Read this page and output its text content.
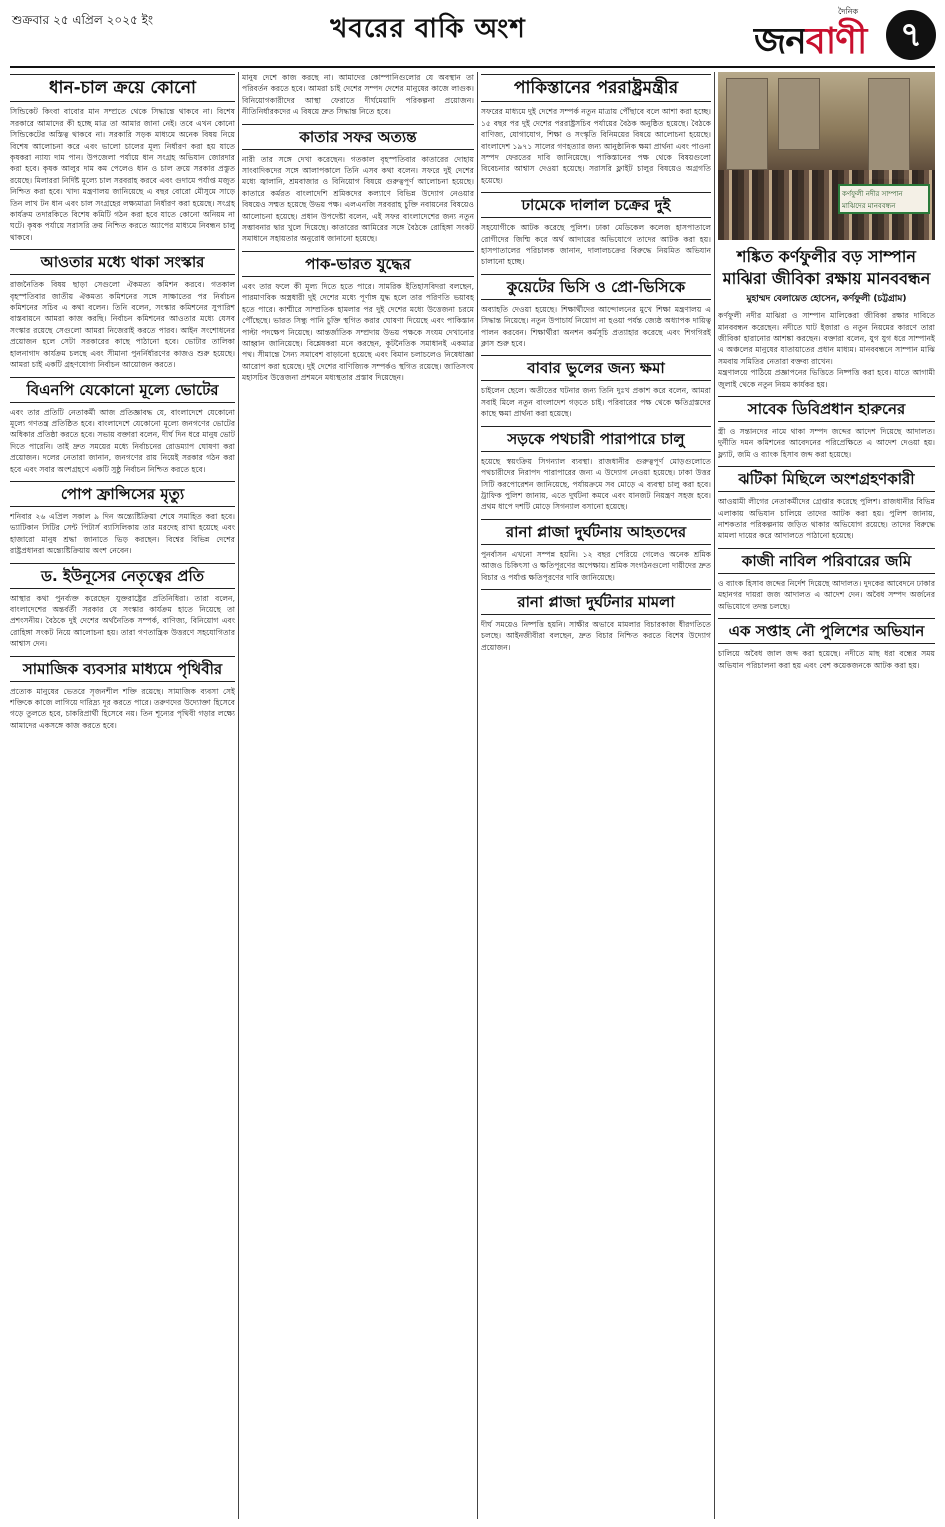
শুক্রবার ২৫ এপ্রিল ২০২৫ ইং	খবরের বাকি অংশ
দৈনিক
জনবাণী ৭
ধান-চাল ক্রয়ে কোনো
সিন্ডিকেট কিংবা বাবোর মান সম্প্রতে থেকে সিদ্ধান্তে থাকবে না। বিশেষ সরকারে আমাদের কী হচ্ছে মাত্র তা আমার জানা নেই। তবে এখন কোনো সিন্ডিকেটের অস্তিত্ব থাকবে না। সরকারি সড়ক মাধ্যমে অনেক বিষয় নিয়ে বিশেষ আলোচনা করে এবং ভালো চালের মূল্য নির্ধারণ করা হয় যাতে কৃষকরা ন্যায্য দাম পান। উপজেলা পর্যায়ে ধান সংগ্রহ অভিযান জোরদার করা হবে। কৃষক আলুর দাম কম পেলেও ধান ও চাল ক্রয়ে সরকার প্রস্তুত রয়েছে। মিলাররা নির্দিষ্ট মূল্যে চাল সরবরাহ করবে এবং গুদামে পর্যাপ্ত মজুত নিশ্চিত করা হবে। খাদ্য মন্ত্রণালয় জানিয়েছে এ বছর বোরো মৌসুমে সাড়ে তিন লাখ টন ধান এবং চাল সংগ্রহের লক্ষ্যমাত্রা নির্ধারণ করা হয়েছে। সংগ্রহ কার্যক্রম তদারকিতে বিশেষ কমিটি গঠন করা হবে যাতে কোনো অনিয়ম না ঘটে। কৃষক পর্যায়ে সরাসরি ক্রয় নিশ্চিত করতে অ্যাপের মাধ্যমে নিবন্ধন চালু থাকবে।
আওতার মধ্যে থাকা সংস্কার
রাজনৈতিক বিষয় ছাড়া সেগুলো ঐকমত্য কমিশন করবে। গতকাল বৃহস্পতিবার জাতীয় ঐকমত্য কমিশনের সঙ্গে সাক্ষাতের পর নির্বাচন কমিশনের সচিব এ কথা বলেন। তিনি বলেন, সংস্কার কমিশনের সুপারিশ বাস্তবায়নে আমরা কাজ করছি। নির্বাচন কমিশনের আওতার মধ্যে যেসব সংস্কার রয়েছে সেগুলো আমরা নিজেরাই করতে পারব। আইন সংশোধনের প্রয়োজন হলে সেটা সরকারের কাছে পাঠানো হবে। ভোটার তালিকা হালনাগাদ কার্যক্রম চলছে এবং সীমানা পুনর্নির্ধারণের কাজও শুরু হয়েছে। আমরা চাই একটি গ্রহণযোগ্য নির্বাচন আয়োজন করতে।
বিএনপি যেকোনো মূল্যে ভোটের
এবং তার প্রতিটি নেতাকর্মী আজ প্রতিজ্ঞাবদ্ধ যে, বাংলাদেশে যেকোনো মূল্যে গণতন্ত্র প্রতিষ্ঠিত হবে। বাংলাদেশে যেকোনো মূল্যে জনগণের ভোটের অধিকার প্রতিষ্ঠা করতে হবে। সভায় বক্তারা বলেন, দীর্ঘ দিন ধরে মানুষ ভোট দিতে পারেনি। তাই দ্রুত সময়ের মধ্যে নির্বাচনের রোডম্যাপ ঘোষণা করা প্রয়োজন। দলের নেতারা জানান, জনগণের রায় নিয়েই সরকার গঠন করা হবে এবং সবার অংশগ্রহণে একটি সুষ্ঠু নির্বাচন নিশ্চিত করতে হবে।
পোপ ফ্রান্সিসের মৃত্যু
শনিবার ২৬ এপ্রিল সকাল ৯ দিন অন্ত্যেষ্টিক্রিয়া শেষে সমাহিত করা হবে। ভ্যাটিকান সিটির সেন্ট পিটার্স ব্যাসিলিকায় তার মরদেহ রাখা হয়েছে এবং হাজারো মানুষ শ্রদ্ধা জানাতে ভিড় করছেন। বিশ্বের বিভিন্ন দেশের রাষ্ট্রপ্রধানরা অন্ত্যেষ্টিক্রিয়ায় অংশ নেবেন।
ড. ইউনূসের নেতৃত্বের প্রতি
আস্থার কথা পুনর্ব্যক্ত করেছেন যুক্তরাষ্ট্রের প্রতিনিধিরা। তারা বলেন, বাংলাদেশের অন্তর্বর্তী সরকার যে সংস্কার কার্যক্রম হাতে নিয়েছে তা প্রশংসনীয়। বৈঠকে দুই দেশের অর্থনৈতিক সম্পর্ক, বাণিজ্য, বিনিয়োগ এবং রোহিঙ্গা সংকট নিয়ে আলোচনা হয়। তারা গণতান্ত্রিক উত্তরণে সহযোগিতার আশ্বাস দেন।
সামাজিক ব্যবসার মাধ্যমে পৃথিবীর
প্রত্যেক মানুষের ভেতরে সৃজনশীল শক্তি রয়েছে। সামাজিক ব্যবসা সেই শক্তিকে কাজে লাগিয়ে দারিদ্র্য দূর করতে পারে। তরুণদের উদ্যোক্তা হিসেবে গড়ে তুলতে হবে, চাকরিপ্রার্থী হিসেবে নয়। তিন শূন্যের পৃথিবী গড়ার লক্ষ্যে আমাদের একসঙ্গে কাজ করতে হবে।
মানুষ দেশে কাজ করছে না। আমাদের কোম্পানিগুলোর যে অবস্থান তা পরিবর্তন করতে হবে। আমরা চাই দেশের সম্পদ দেশের মানুষের কাজে লাগুক। বিনিয়োগকারীদের আস্থা ফেরাতে দীর্ঘমেয়াদি পরিকল্পনা প্রয়োজন। নীতিনির্ধারকদের এ বিষয়ে দ্রুত সিদ্ধান্ত নিতে হবে।
কাতার সফর অত্যন্ত
নারী তার সঙ্গে দেখা করেছেন। গতকাল বৃহস্পতিবার কাতারের দোহায় সাংবাদিকদের সঙ্গে আলাপকালে তিনি এসব কথা বলেন। সফরে দুই দেশের মধ্যে জ্বালানি, শ্রমবাজার ও বিনিয়োগ বিষয়ে গুরুত্বপূর্ণ আলোচনা হয়েছে। কাতারে কর্মরত বাংলাদেশি শ্রমিকদের কল্যাণে বিভিন্ন উদ্যোগ নেওয়ার বিষয়েও সম্মত হয়েছে উভয় পক্ষ। এলএনজি সরবরাহ চুক্তি নবায়নের বিষয়েও আলোচনা হয়েছে। প্রধান উপদেষ্টা বলেন, এই সফর বাংলাদেশের জন্য নতুন সম্ভাবনার দ্বার খুলে দিয়েছে। কাতারের আমিরের সঙ্গে বৈঠকে রোহিঙ্গা সংকট সমাধানে সহায়তার অনুরোধ জানানো হয়েছে।
পাক-ভারত যুদ্ধের
এবং তার ফলে কী মূল্য দিতে হতে পারে। সামরিক ইতিহাসবিদরা বলছেন, পারমাণবিক অস্ত্রধারী দুই দেশের মধ্যে পূর্ণাঙ্গ যুদ্ধ হলে তার পরিণতি ভয়াবহ হতে পারে। কাশ্মীরে সাম্প্রতিক হামলার পর দুই দেশের মধ্যে উত্তেজনা চরমে পৌঁছেছে। ভারত সিন্ধু পানি চুক্তি স্থগিত করার ঘোষণা দিয়েছে এবং পাকিস্তান পাল্টা পদক্ষেপ নিয়েছে। আন্তর্জাতিক সম্প্রদায় উভয় পক্ষকে সংযম দেখানোর আহ্বান জানিয়েছে। বিশ্লেষকরা মনে করছেন, কূটনৈতিক সমাধানই একমাত্র পথ। সীমান্তে সৈন্য সমাবেশ বাড়ানো হয়েছে এবং বিমান চলাচলেও নিষেধাজ্ঞা আরোপ করা হয়েছে। দুই দেশের বাণিজ্যিক সম্পর্কও স্থগিত রয়েছে। জাতিসংঘ মহাসচিব উত্তেজনা প্রশমনে মধ্যস্থতার প্রস্তাব দিয়েছেন।
পাকিস্তানের পররাষ্ট্রমন্ত্রীর
সফরের মাধ্যমে দুই দেশের সম্পর্ক নতুন মাত্রায় পৌঁছাবে বলে আশা করা হচ্ছে। ১৫ বছর পর দুই দেশের পররাষ্ট্রসচিব পর্যায়ের বৈঠক অনুষ্ঠিত হয়েছে। বৈঠকে বাণিজ্য, যোগাযোগ, শিক্ষা ও সংস্কৃতি বিনিময়ের বিষয়ে আলোচনা হয়েছে। বাংলাদেশ ১৯৭১ সালের গণহত্যার জন্য আনুষ্ঠানিক ক্ষমা প্রার্থনা এবং পাওনা সম্পদ ফেরতের দাবি জানিয়েছে। পাকিস্তানের পক্ষ থেকে বিষয়গুলো বিবেচনার আশ্বাস দেওয়া হয়েছে। সরাসরি ফ্লাইট চালুর বিষয়েও অগ্রগতি হয়েছে।
ঢামেকে দালাল চক্রের দুই
সহযোগীকে আটক করেছে পুলিশ। ঢাকা মেডিকেল কলেজ হাসপাতালে রোগীদের জিম্মি করে অর্থ আদায়ের অভিযোগে তাদের আটক করা হয়। হাসপাতালের পরিচালক জানান, দালালচক্রের বিরুদ্ধে নিয়মিত অভিযান চালানো হচ্ছে।
কুয়েটের ভিসি ও প্রো-ভিসিকে
অব্যাহতি দেওয়া হয়েছে। শিক্ষার্থীদের আন্দোলনের মুখে শিক্ষা মন্ত্রণালয় এ সিদ্ধান্ত নিয়েছে। নতুন উপাচার্য নিয়োগ না হওয়া পর্যন্ত জ্যেষ্ঠ অধ্যাপক দায়িত্ব পালন করবেন। শিক্ষার্থীরা অনশন কর্মসূচি প্রত্যাহার করেছে এবং শিগগিরই ক্লাস শুরু হবে।
বাবার ভুলের জন্য ক্ষমা
চাইলেন ছেলে। অতীতের ঘটনার জন্য তিনি দুঃখ প্রকাশ করে বলেন, আমরা সবাই মিলে নতুন বাংলাদেশ গড়তে চাই। পরিবারের পক্ষ থেকে ক্ষতিগ্রস্তদের কাছে ক্ষমা প্রার্থনা করা হয়েছে।
সড়কে পথচারী পারাপারে চালু
হয়েছে স্বয়ংক্রিয় সিগন্যাল ব্যবস্থা। রাজধানীর গুরুত্বপূর্ণ মোড়গুলোতে পথচারীদের নিরাপদ পারাপারের জন্য এ উদ্যোগ নেওয়া হয়েছে। ঢাকা উত্তর সিটি করপোরেশন জানিয়েছে, পর্যায়ক্রমে সব মোড়ে এ ব্যবস্থা চালু করা হবে। ট্রাফিক পুলিশ জানায়, এতে দুর্ঘটনা কমবে এবং যানজট নিয়ন্ত্রণ সহজ হবে। প্রথম ধাপে দশটি মোড়ে সিগন্যাল বসানো হয়েছে।
রানা প্লাজা দুর্ঘটনায় আহতদের
পুনর্বাসন এখনো সম্পন্ন হয়নি। ১২ বছর পেরিয়ে গেলেও অনেক শ্রমিক আজও চিকিৎসা ও ক্ষতিপূরণের অপেক্ষায়। শ্রমিক সংগঠনগুলো দায়ীদের দ্রুত বিচার ও পর্যাপ্ত ক্ষতিপূরণের দাবি জানিয়েছে।
রানা প্লাজা দুর্ঘটনার মামলা
দীর্ঘ সময়েও নিষ্পত্তি হয়নি। সাক্ষীর অভাবে মামলার বিচারকাজ ধীরগতিতে চলছে। আইনজীবীরা বলছেন, দ্রুত বিচার নিশ্চিত করতে বিশেষ উদ্যোগ প্রয়োজন।
কর্ণফুলী নদীর সাম্পান মাঝিদের মানববন্ধন
শঙ্কিত কর্ণফুলীর বড় সাম্পান মাঝিরা জীবিকা রক্ষায় মানববন্ধন
মুহাম্মদ বেলায়েত হোসেন, কর্ণফুলী (চট্টগ্রাম)
কর্ণফুলী নদীর মাঝিরা ও সাম্পান মালিকেরা জীবিকা রক্ষার দাবিতে মানববন্ধন করেছেন। নদীতে ঘাট ইজারা ও নতুন নিয়মের কারণে তারা জীবিকা হারানোর আশঙ্কা করছেন। বক্তারা বলেন, যুগ যুগ ধরে সাম্পানই এ অঞ্চলের মানুষের যাতায়াতের প্রধান মাধ্যম। মানববন্ধনে সাম্পান মাঝি সমবায় সমিতির নেতারা বক্তব্য রাখেন।
মন্ত্রণালয়ে পাঠিয়ে প্রজ্ঞাপনের ভিত্তিতে নিষ্পত্তি করা হবে। যাতে আগামী জুলাই থেকে নতুন নিয়ম কার্যকর হয়।
সাবেক ডিবিপ্রধান হারুনের
স্ত্রী ও সন্তানদের নামে থাকা সম্পদ জব্দের আদেশ দিয়েছে আদালত। দুর্নীতি দমন কমিশনের আবেদনের পরিপ্রেক্ষিতে এ আদেশ দেওয়া হয়। ফ্ল্যাট, জমি ও ব্যাংক হিসাব জব্দ করা হয়েছে।
ঝটিকা মিছিলে অংশগ্রহণকারী
আওয়ামী লীগের নেতাকর্মীদের গ্রেপ্তার করেছে পুলিশ। রাজধানীর বিভিন্ন এলাকায় অভিযান চালিয়ে তাদের আটক করা হয়। পুলিশ জানায়, নাশকতার পরিকল্পনায় জড়িত থাকার অভিযোগ রয়েছে। তাদের বিরুদ্ধে মামলা দায়ের করে আদালতে পাঠানো হয়েছে।
কাজী নাবিল পরিবারের জমি
ও ব্যাংক হিসাব জব্দের নির্দেশ দিয়েছে আদালত। দুদকের আবেদনে ঢাকার মহানগর দায়রা জজ আদালত এ আদেশ দেন। অবৈধ সম্পদ অর্জনের অভিযোগে তদন্ত চলছে।
এক সপ্তাহ নৌ পুলিশের অভিযান
চালিয়ে অবৈধ জাল জব্দ করা হয়েছে। নদীতে মাছ ধরা বন্ধের সময় অভিযান পরিচালনা করা হয় এবং বেশ কয়েকজনকে আটক করা হয়।
